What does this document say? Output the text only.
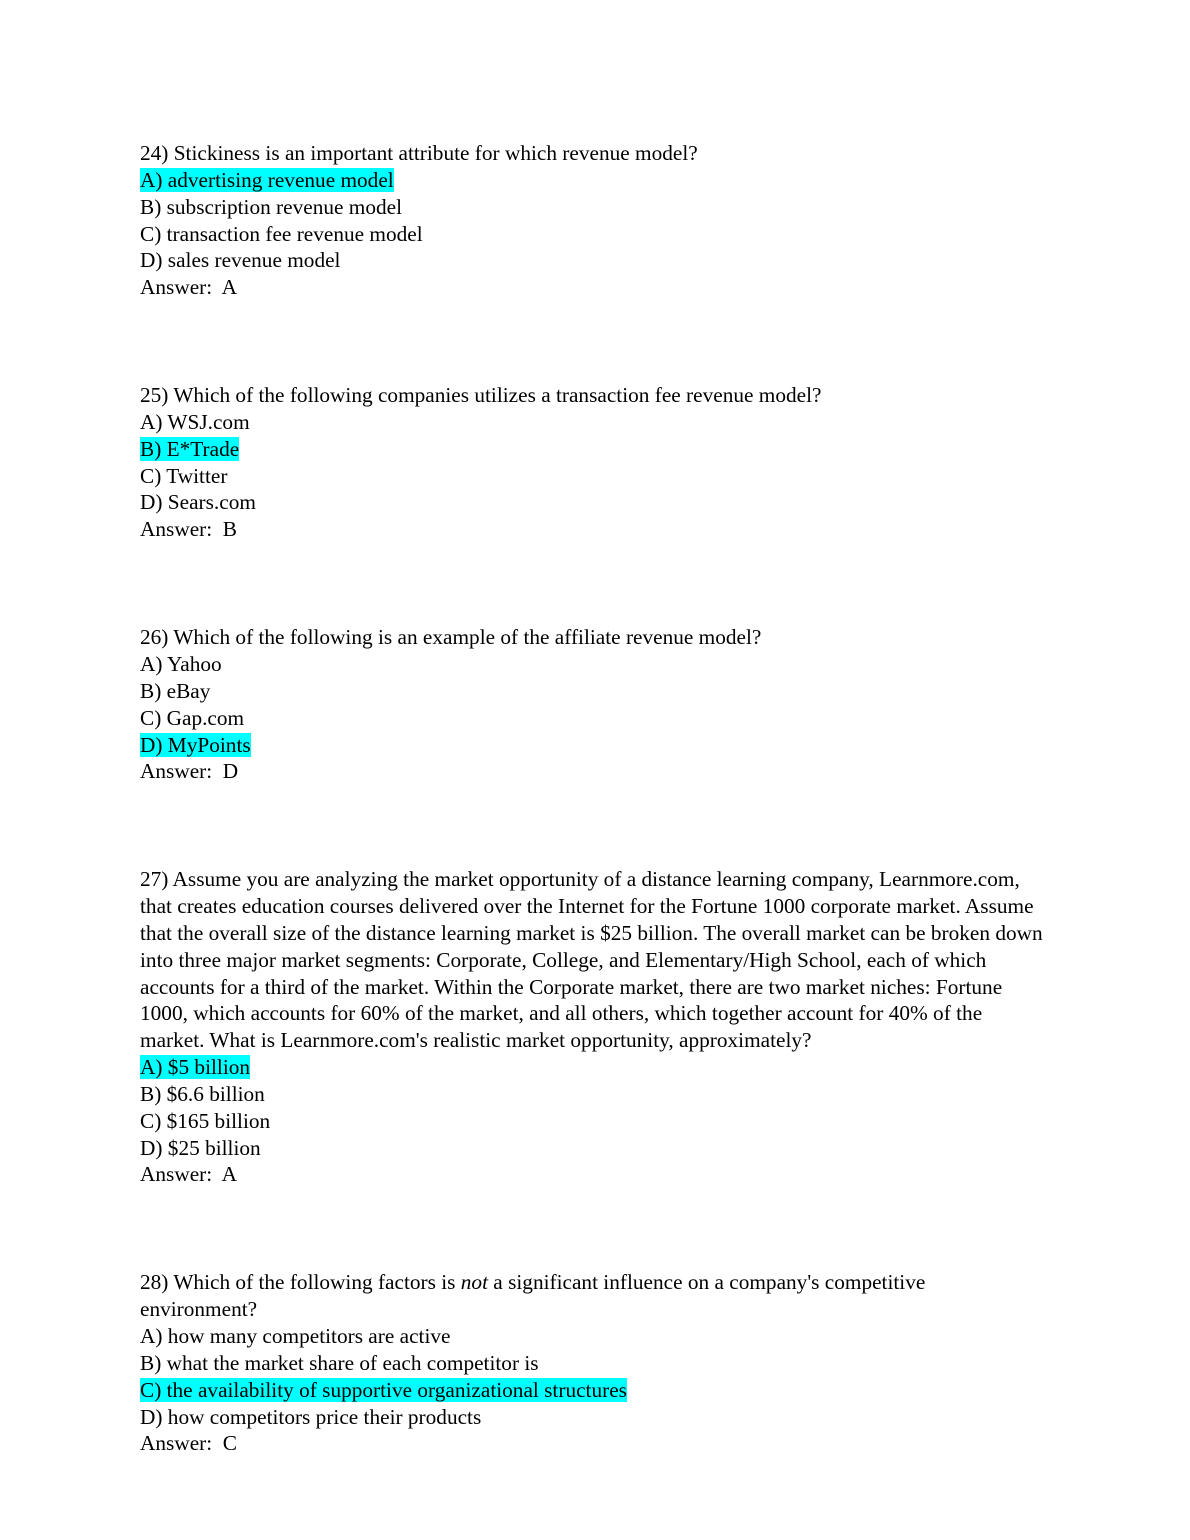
24) Stickiness is an important attribute for which revenue model?
A) advertising revenue model
B) subscription revenue model
C) transaction fee revenue model
D) sales revenue model
Answer:  A
25) Which of the following companies utilizes a transaction fee revenue model?
A) WSJ.com
B) E*Trade
C) Twitter
D) Sears.com
Answer:  B
26) Which of the following is an example of the affiliate revenue model?
A) Yahoo
B) eBay
C) Gap.com
D) MyPoints
Answer:  D
27) Assume you are analyzing the market opportunity of a distance learning company, Learnmore.com, that creates education courses delivered over the Internet for the Fortune 1000 corporate market. Assume that the overall size of the distance learning market is $25 billion. The overall market can be broken down into three major market segments: Corporate, College, and Elementary/High School, each of which accounts for a third of the market. Within the Corporate market, there are two market niches: Fortune 1000, which accounts for 60% of the market, and all others, which together account for 40% of the market. What is Learnmore.com's realistic market opportunity, approximately?
A) $5 billion
B) $6.6 billion
C) $165 billion
D) $25 billion
Answer:  A
28) Which of the following factors is not a significant influence on a company's competitive environment?
A) how many competitors are active
B) what the market share of each competitor is
C) the availability of supportive organizational structures
D) how competitors price their products
Answer:  C
